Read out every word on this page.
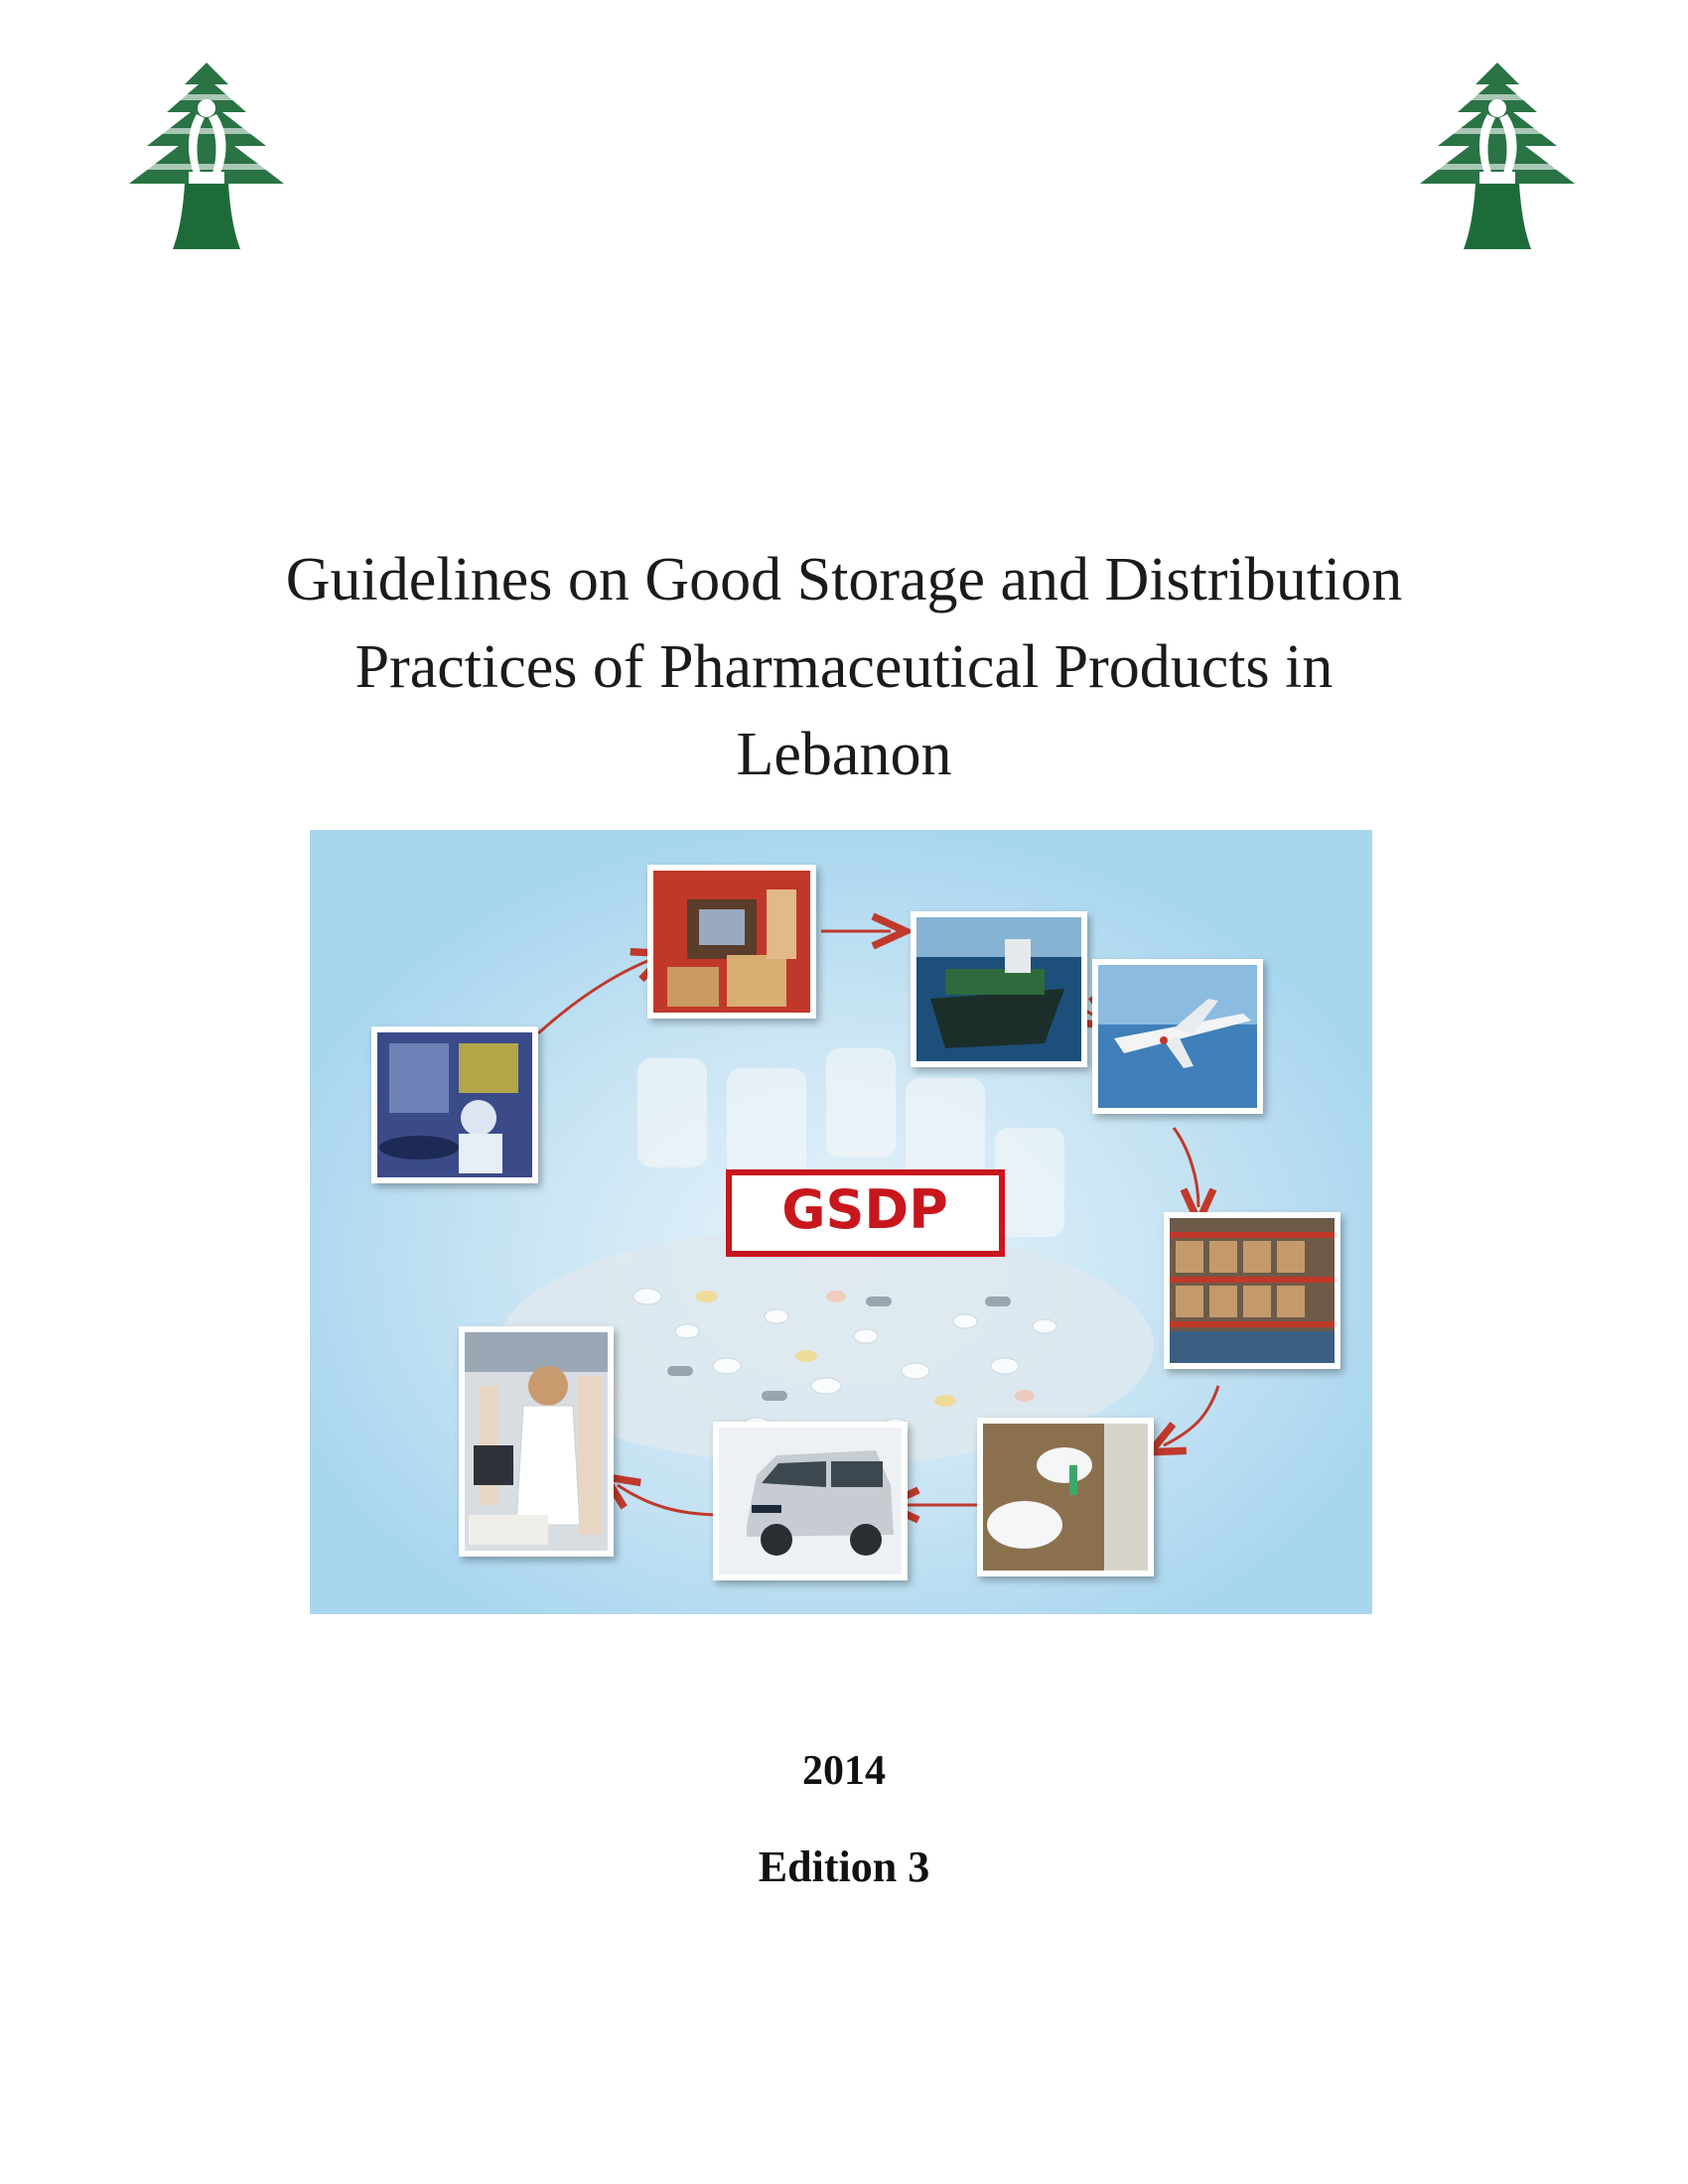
Guidelines on Good Storage and Distribution
Practices of Pharmaceutical Products in
Lebanon
GSDP
2014
Edition 3
